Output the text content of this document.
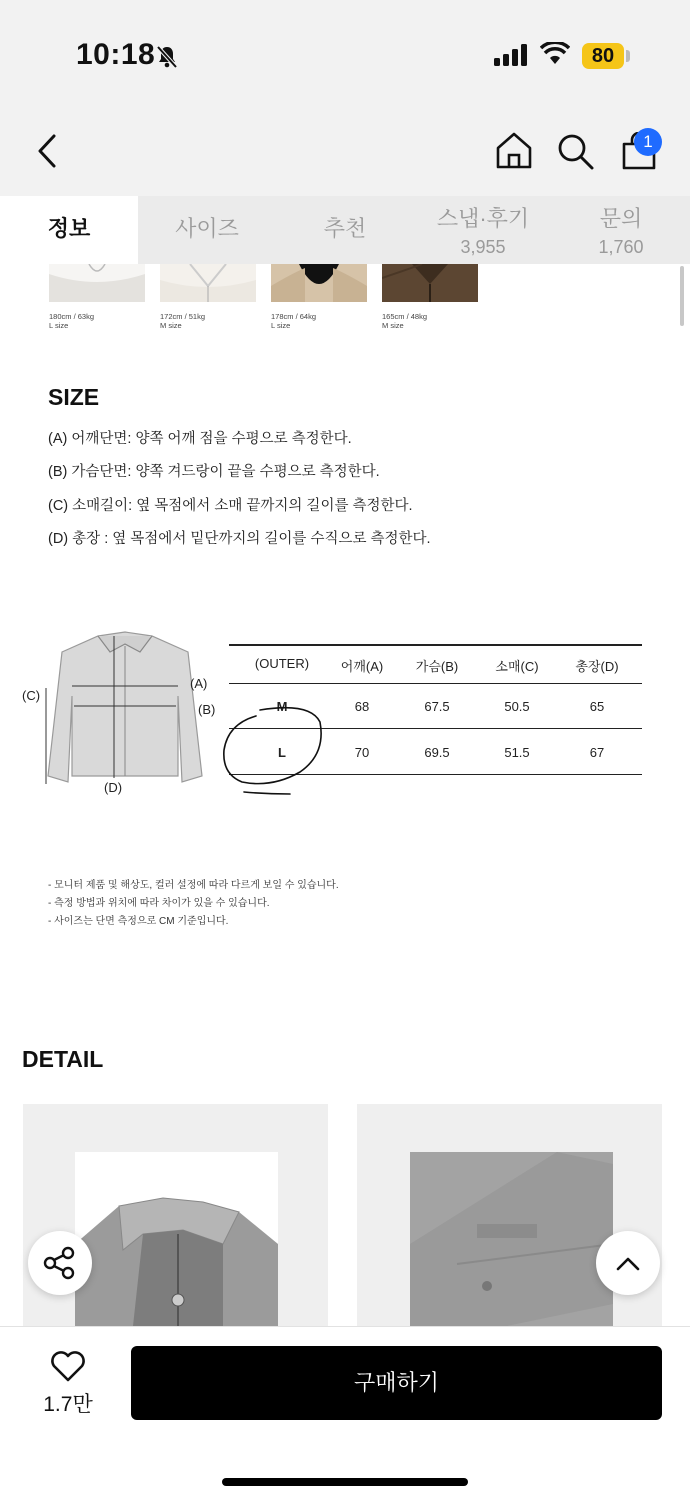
10:18	80
1
정보	사이즈	추천	스냅·후기
3,955
문의
1,760
180cm / 63kg
L size
172cm / 51kg
M size
178cm / 64kg
L size
165cm / 48kg
M size
SIZE
(A) 어깨단면: 양쪽 어깨 점을 수평으로 측정한다.
(B) 가슴단면: 양쪽 겨드랑이 끝을 수평으로 측정한다.
(C) 소매길이: 옆 목점에서 소매 끝까지의 길이를 측정한다.
(D) 총장 : 옆 목점에서 밑단까지의 길이를 수직으로 측정한다.
(A)
(B)
(C)
(D)
(OUTER)	어깨(A)	가슴(B)	소매(C)	총장(D)
M	68	67.5	50.5	65
L	70	69.5	51.5	67
- 모니터 제품 및 해상도, 컬러 설정에 따라 다르게 보일 수 있습니다.
- 측정 방법과 위치에 따라 차이가 있을 수 있습니다.
- 사이즈는 단면 측정으로 CM 기준입니다.
DETAIL
1.7만
구매하기
